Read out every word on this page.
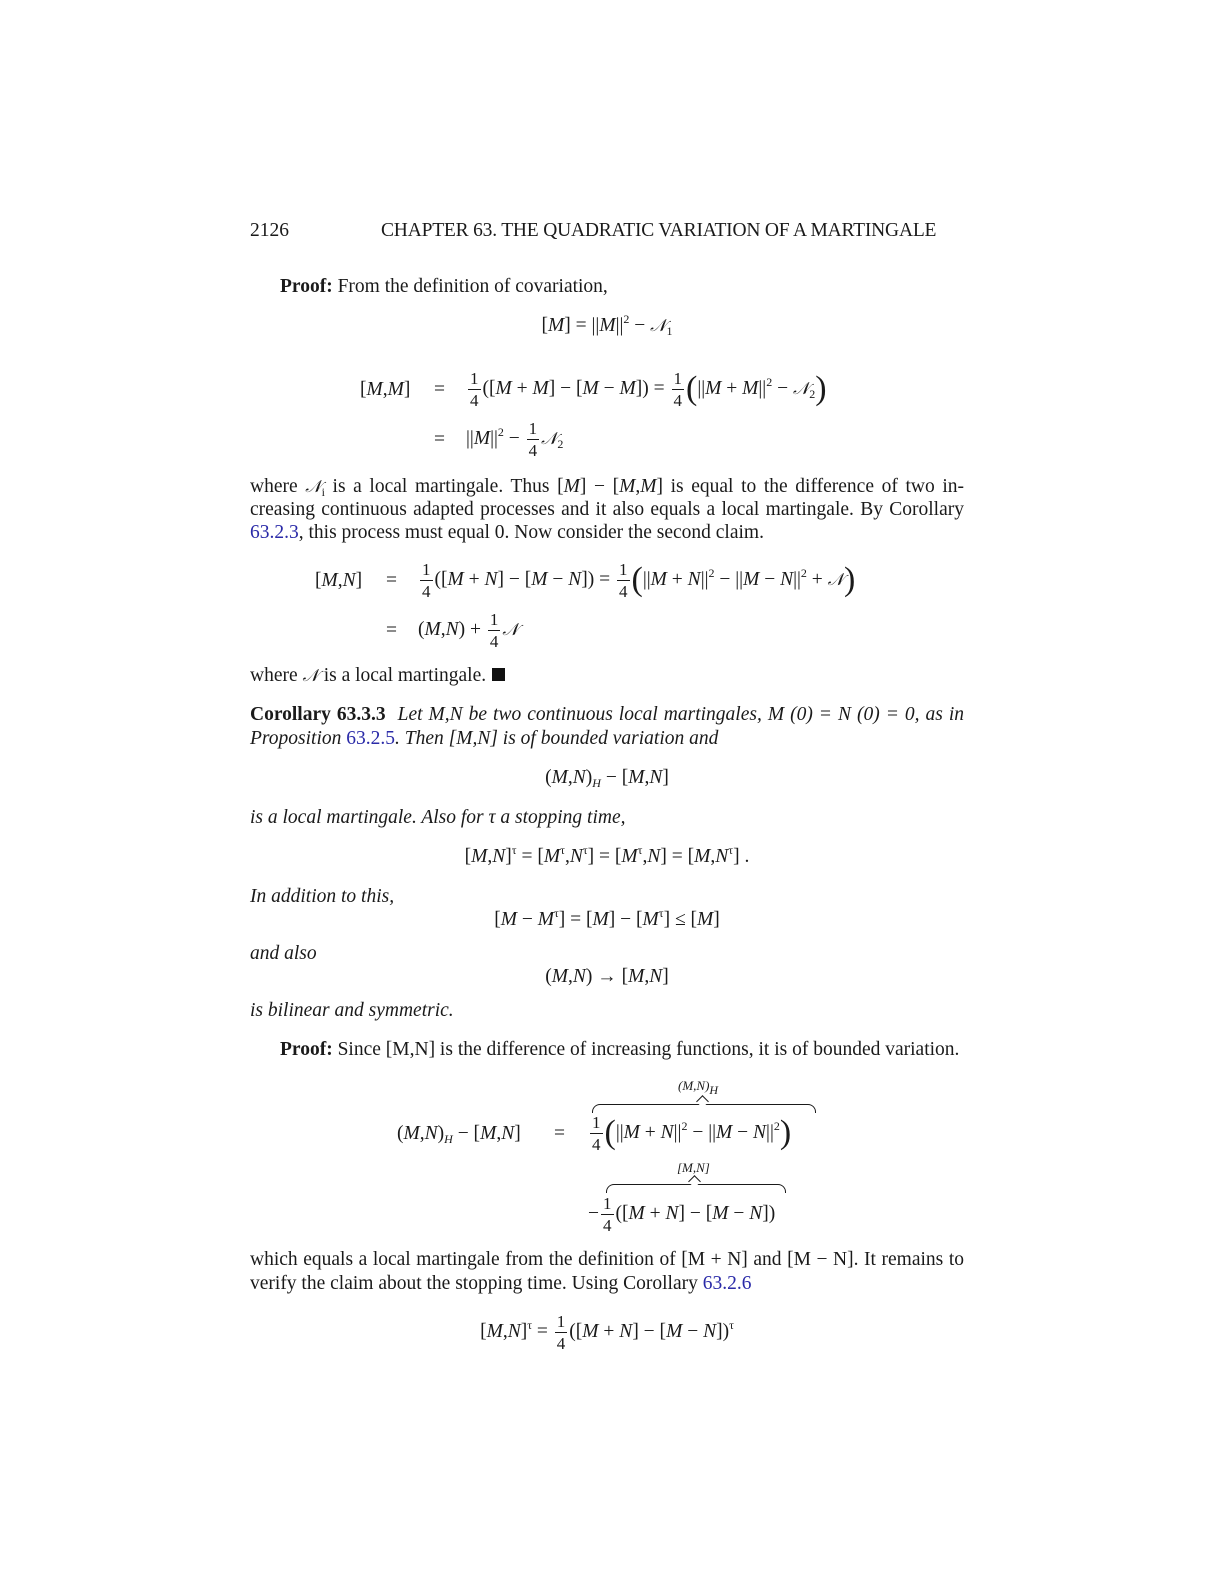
2126	CHAPTER 63. THE QUADRATIC VARIATION OF A MARTINGALE
Proof: From the definition of covariation,
$[M] = ||M||^2$ − 𝒩$_1$
$[M,M] = \frac{1}{4} ([M + M] - [M - M]) = \frac{1}{4} (||M + M||^2$ − 𝒩$_2$)
= $||M||^2 - \frac{1}{4}$ 𝒩$_2$
where 𝒩$_i$ is a local martingale. Thus [M] − [M,M] is equal to the difference of two in-
creasing continuous adapted processes and it also equals a local martingale. By Corollary
63.2.3, this process must equal 0. Now consider the second claim.
$[M,N] = \frac{1}{4} ([M + N] - [M - N]) = \frac{1}{4} (||M + N||^2 - ||M - N||^2$ + 𝒩)
= $(M,N) + \frac{1}{4}$ 𝒩
where 𝒩 is a local martingale.
Corollary 63.3.3 Let M,N be two continuous local martingales, M (0) = N (0) = 0, as in
Proposition 63.2.5. Then [M,N] is of bounded variation and
$(M,N)_H - [M,N]$
is a local martingale. Also for τ a stopping time,
$[M,N]^\tau = [M^\tau,N^\tau] = [M^\tau,N] = [M,N^\tau]$ .
In addition to this,
$[M - M^\tau] = [M] - [M^\tau] \le [M]$
and also
(M,N) → [M,N]
is bilinear and symmetric.
Proof: Since [M,N] is the difference of increasing functions, it is of bounded variation.
$(M,N)_H$
$(M,N)_H - [M,N] = \frac{1}{4} (||M + N||^2 - ||M - N||^2)$
[M,N]
− $\frac{1}{4} ([M + N] - [M - N])$
which equals a local martingale from the definition of [M + N] and [M − N]. It remains to
verify the claim about the stopping time. Using Corollary 63.2.6
$[M,N]^\tau = \frac{1}{4} ([M + N] - [M - N])^\tau$
